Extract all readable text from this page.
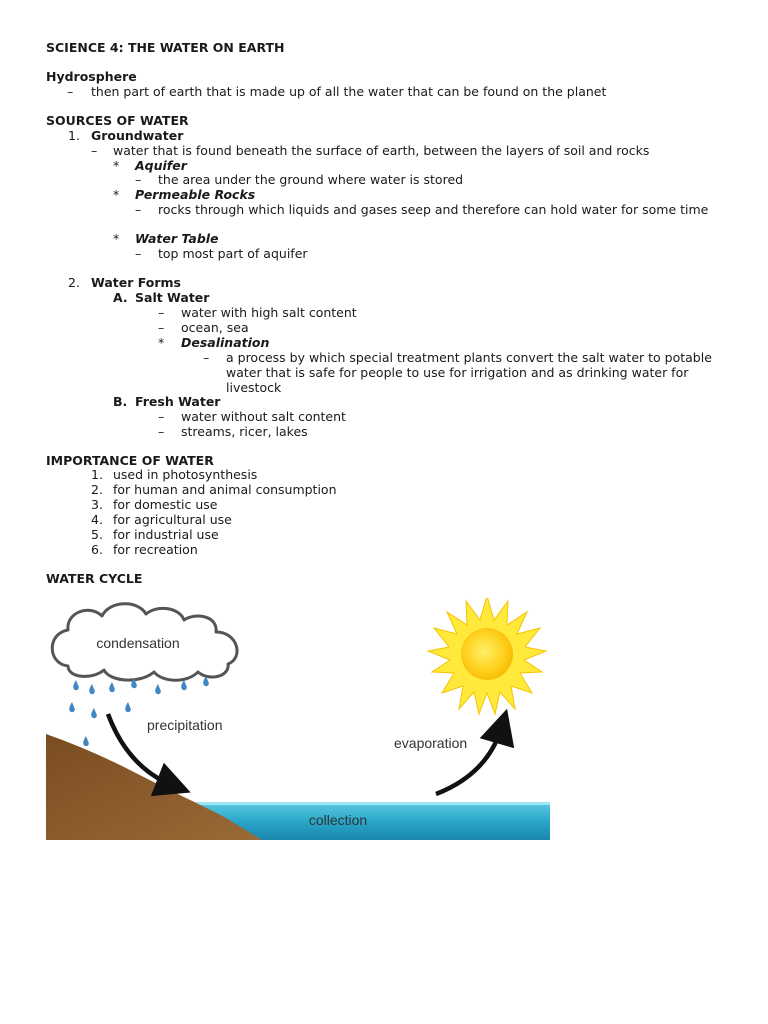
SCIENCE 4: THE WATER ON EARTH
Hydrosphere
– then part of earth that is made up of all the water that can be found on the planet
SOURCES OF WATER
1. Groundwater
– water that is found beneath the surface of earth, between the layers of soil and rocks
* Aquifer
– the area under the ground where water is stored
* Permeable Rocks
– rocks through which liquids and gases seep and therefore can hold water for some time
* Water Table
– top most part of aquifer
2. Water Forms
A. Salt Water
– water with high salt content
– ocean, sea
* Desalination
– a process by which special treatment plants convert the salt water to potable water that is safe for people to use for irrigation and as drinking water for livestock
B. Fresh Water
– water without salt content
– streams, ricer, lakes
IMPORTANCE OF WATER
1. used in photosynthesis
2. for human and animal consumption
3. for domestic use
4. for agricultural use
5. for industrial use
6. for recreation
WATER CYCLE
condensation
precipitation
evaporation
collection
